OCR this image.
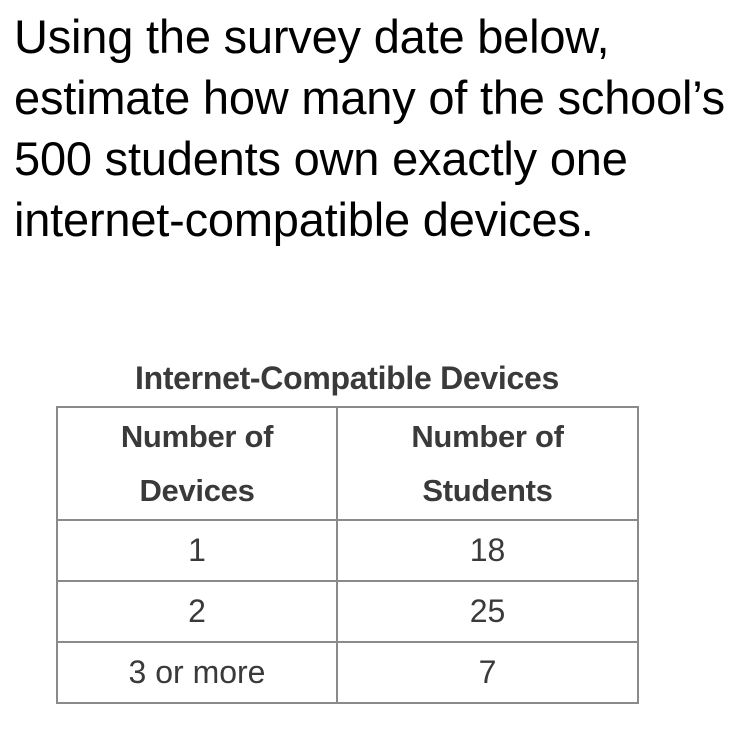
Using the survey date below, estimate how many of the school’s 500 students own exactly one internet-compatible devices.

Internet-Compatible Devices
Number of Devices	Number of Students

1	18
2	25
3 or more	7
